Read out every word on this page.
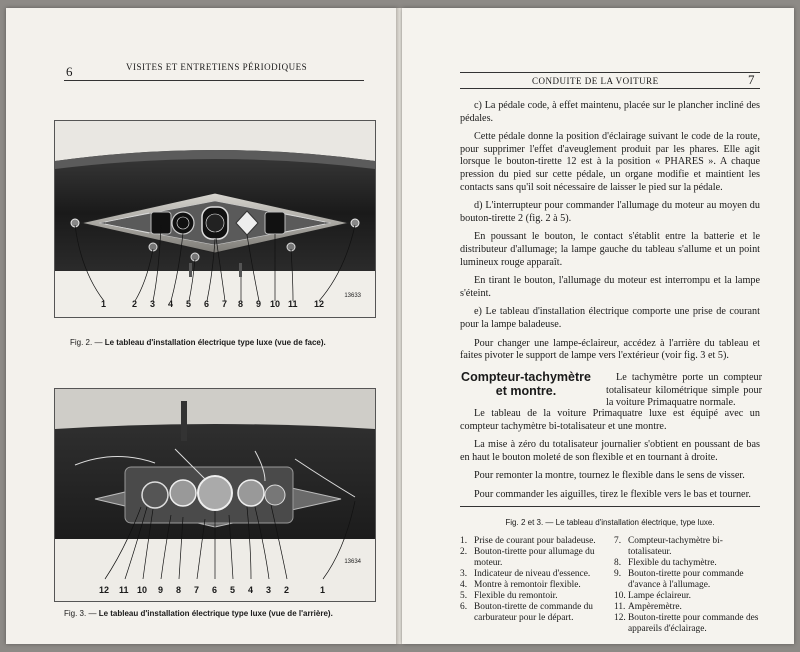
6	VISITES ET ENTRETIENS PÉRIODIQUES
1	2 3 4 5 6 7 8 9 10 11 12
13633
Fig. 2. — Le tableau d'installation électrique type luxe (vue de face).
12 11 10 9 8 7 6 5 4 3 2	1
13634
Fig. 3. — Le tableau d'installation électrique type luxe (vue de l'arrière).
CONDUITE DE LA VOITURE	7

c) La pédale code, à effet maintenu, placée sur le plancher incliné des pédales.

Cette pédale donne la position d'éclairage suivant le code de la route, pour supprimer l'effet d'aveuglement produit par les phares. Elle agit lorsque le bouton-tirette 12 est à la position « PHARES ». A chaque pression du pied sur cette pédale, un organe modifie et maintient les contacts sans qu'il soit nécessaire de laisser le pied sur la pédale.

d) L'interrupteur pour commander l'allumage du moteur au moyen du bouton-tirette 2 (fig. 2 à 5).

En poussant le bouton, le contact s'établit entre la batterie et le distributeur d'allumage; la lampe gauche du tableau s'allume et un point lumineux rouge apparaît.

En tirant le bouton, l'allumage du moteur est interrompu et la lampe s'éteint.

e) Le tableau d'installation électrique comporte une prise de courant pour la lampe baladeuse.

Pour changer une lampe-éclaireur, accédez à l'arrière du tableau et faites pivoter le support de lampe vers l'extérieur (voir fig. 3 et 5).

Compteur-tachymètre et montre.
Le tachymètre porte un compteur totalisateur kilométrique simple pour la voiture Primaquatre normale.

Le tableau de la voiture Primaquatre luxe est équipé avec un compteur tachymètre bi-totalisateur et une montre.

La mise à zéro du totalisateur journalier s'obtient en poussant de bas en haut le bouton moleté de son flexible et en tournant à droite.

Pour remonter la montre, tournez le flexible dans le sens de visser.

Pour commander les aiguilles, tirez le flexible vers le bas et tourner.

Fig. 2 et 3. — Le tableau d'installation électrique, type luxe.
1. Prise de courant pour baladeuse.
2. Bouton-tirette pour allumage du moteur.
3. Indicateur de niveau d'essence.
4. Montre à remontoir flexible.
5. Flexible du remontoir.
6. Bouton-tirette de commande du carburateur pour le départ.
7. Compteur-tachymètre bi-totalisateur.
8. Flexible du tachymètre.
9. Bouton-tirette pour commande d'avance à l'allumage.
10. Lampe éclaireur.
11. Ampèremètre.
12. Bouton-tirette pour commande des appareils d'éclairage.
